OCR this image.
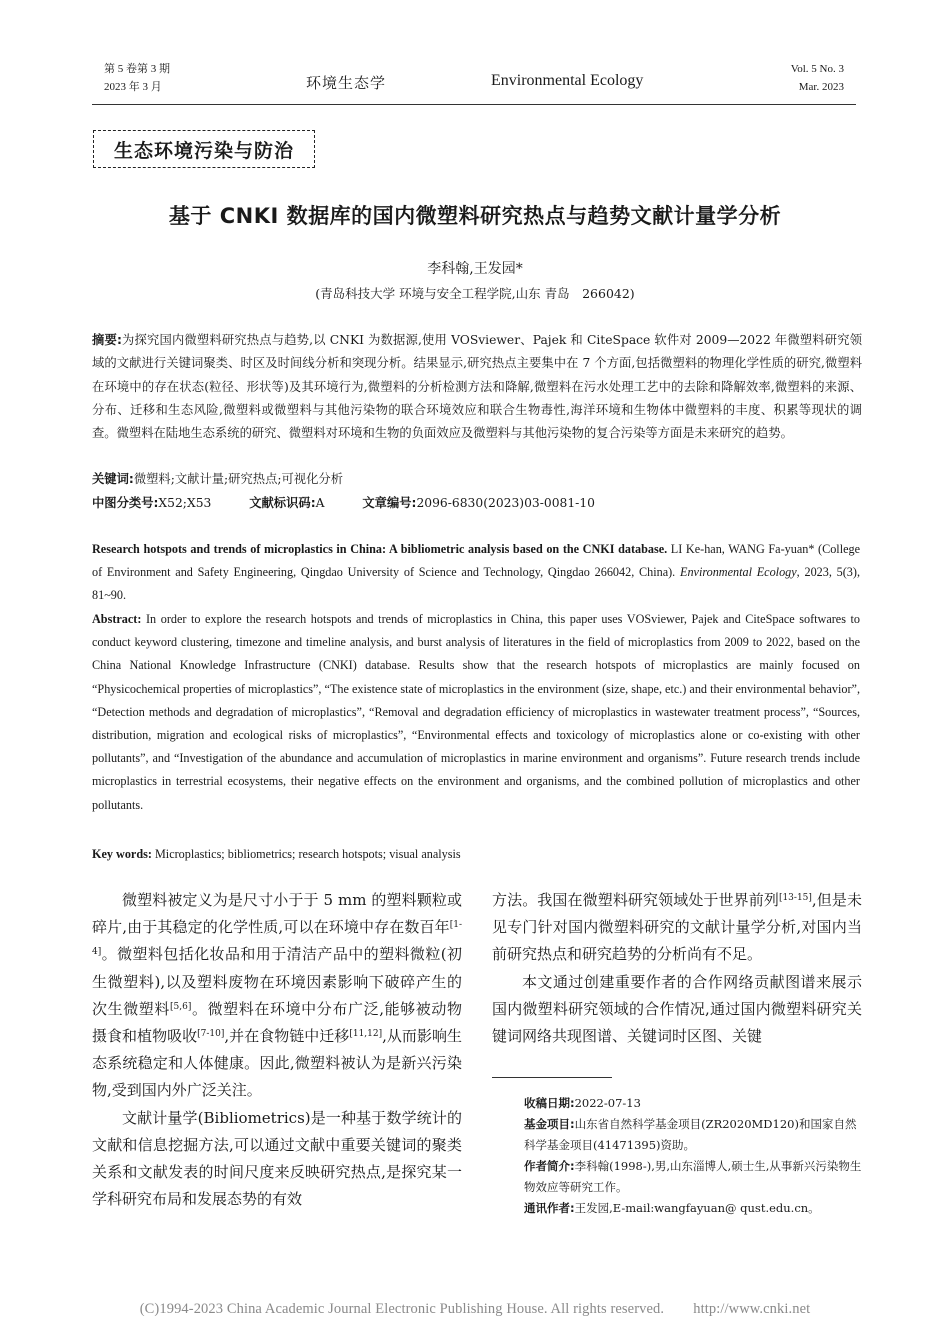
第 5 卷第 3 期
2023 年 3 月	环境生态学	Environmental Ecology
Vol. 5 No. 3
Mar. 2023
生态环境污染与防治
基于 CNKI 数据库的国内微塑料研究热点与趋势文献计量学分析
李科翰,王发园*
(青岛科技大学 环境与安全工程学院,山东 青岛　266042)
摘要:为探究国内微塑料研究热点与趋势,以 CNKI 为数据源,使用 VOSviewer、Pajek 和 CiteSpace 软件对 2009—2022 年微塑料研究领域的文献进行关键词聚类、时区及时间线分析和突现分析。结果显示,研究热点主要集中在 7 个方面,包括微塑料的物理化学性质的研究,微塑料在环境中的存在状态(粒径、形状等)及其环境行为,微塑料的分析检测方法和降解,微塑料在污水处理工艺中的去除和降解效率,微塑料的来源、分布、迁移和生态风险,微塑料或微塑料与其他污染物的联合环境效应和联合生物毒性,海洋环境和生物体中微塑料的丰度、积累等现状的调查。微塑料在陆地生态系统的研究、微塑料对环境和生物的负面效应及微塑料与其他污染物的复合污染等方面是未来研究的趋势。
关键词:微塑料;文献计量;研究热点;可视化分析
中图分类号:X52;X53	文献标识码:A	文章编号:2096-6830(2023)03-0081-10
Research hotspots and trends of microplastics in China: A bibliometric analysis based on the CNKI database. LI Ke-han, WANG Fa-yuan* (College of Environment and Safety Engineering, Qingdao University of Science and Technology, Qingdao 266042, China). Environmental Ecology, 2023, 5(3), 81~90.
Abstract: In order to explore the research hotspots and trends of microplastics in China, this paper uses VOSviewer, Pajek and CiteSpace softwares to conduct keyword clustering, timezone and timeline analysis, and burst analysis of literatures in the field of microplastics from 2009 to 2022, based on the China National Knowledge Infrastructure (CNKI) database. Results show that the research hotspots of microplastics are mainly focused on “Physicochemical properties of microplastics”, “The existence state of microplastics in the environment (size, shape, etc.) and their environmental behavior”, “Detection methods and degradation of microplastics”, “Removal and degradation efficiency of microplastics in wastewater treatment process”, “Sources, distribution, migration and ecological risks of microplastics”, “Environmental effects and toxicology of microplastics alone or co-existing with other pollutants”, and “Investigation of the abundance and accumulation of microplastics in marine environment and organisms”. Future research trends include microplastics in terrestrial ecosystems, their negative effects on the environment and organisms, and the combined pollution of microplastics and other pollutants.
Key words: Microplastics; bibliometrics; research hotspots; visual analysis

微塑料被定义为是尺寸小于于 5 mm 的塑料颗粒或碎片,由于其稳定的化学性质,可以在环境中存在数百年[1-4]。微塑料包括化妆品和用于清洁产品中的塑料微粒(初生微塑料),以及塑料废物在环境因素影响下破碎产生的次生微塑料[5,6]。微塑料在环境中分布广泛,能够被动物摄食和植物吸收[7-10],并在食物链中迁移[11,12],从而影响生态系统稳定和人体健康。因此,微塑料被认为是新兴污染物,受到国内外广泛关注。

文献计量学(Bibliometrics)是一种基于数学统计的文献和信息挖掘方法,可以通过文献中重要关键词的聚类关系和文献发表的时间尺度来反映研究热点,是探究某一学科研究布局和发展态势的有效

方法。我国在微塑料研究领域处于世界前列[13-15],但是未见专门针对国内微塑料研究的文献计量学分析,对国内当前研究热点和研究趋势的分析尚有不足。

本文通过创建重要作者的合作网络贡献图谱来展示国内微塑料研究领域的合作情况,通过国内微塑料研究关键词网络共现图谱、关键词时区图、关键

收稿日期:2022-07-13
基金项目:山东省自然科学基金项目(ZR2020MD120)和国家自然科学基金项目(41471395)资助。
作者简介:李科翰(1998-),男,山东淄博人,硕士生,从事新兴污染物生物效应等研究工作。
通讯作者:王发园,E-mail:wangfayuan@ qust.edu.cn。
(C)1994-2023 China Academic Journal Electronic Publishing House. All rights reserved.　　http://www.cnki.net
